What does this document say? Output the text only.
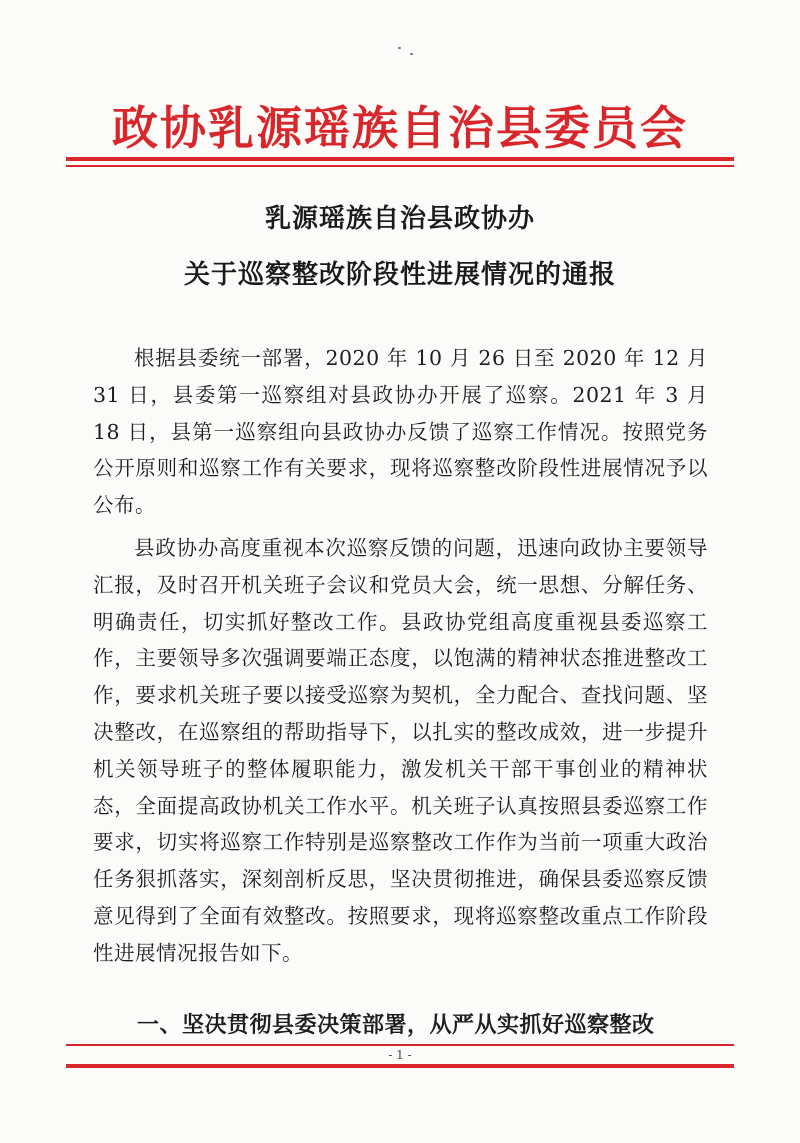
政协乳源瑶族自治县委员会
乳源瑶族自治县政协办
关于巡察整改阶段性进展情况的通报

根据县委统一部署，2020 年 10 月 26 日至 2020 年 12 月 31 日，县委第一巡察组对县政协办开展了巡察。2021 年 3 月 18 日，县第一巡察组向县政协办反馈了巡察工作情况。按照党务公开原则和巡察工作有关要求，现将巡察整改阶段性进展情况予以公布。

县政协办高度重视本次巡察反馈的问题，迅速向政协主要领导汇报，及时召开机关班子会议和党员大会，统一思想、分解任务、明确责任，切实抓好整改工作。县政协党组高度重视县委巡察工作，主要领导多次强调要端正态度，以饱满的精神状态推进整改工作，要求机关班子要以接受巡察为契机，全力配合、查找问题、坚决整改，在巡察组的帮助指导下，以扎实的整改成效，进一步提升机关领导班子的整体履职能力，激发机关干部干事创业的精神状态，全面提高政协机关工作水平。机关班子认真按照县委巡察工作要求，切实将巡察工作特别是巡察整改工作作为当前一项重大政治任务狠抓落实，深刻剖析反思，坚决贯彻推进，确保县委巡察反馈意见得到了全面有效整改。按照要求，现将巡察整改重点工作阶段性进展情况报告如下。

一、坚决贯彻县委决策部署，从严从实抓好巡察整改
- 1 -
